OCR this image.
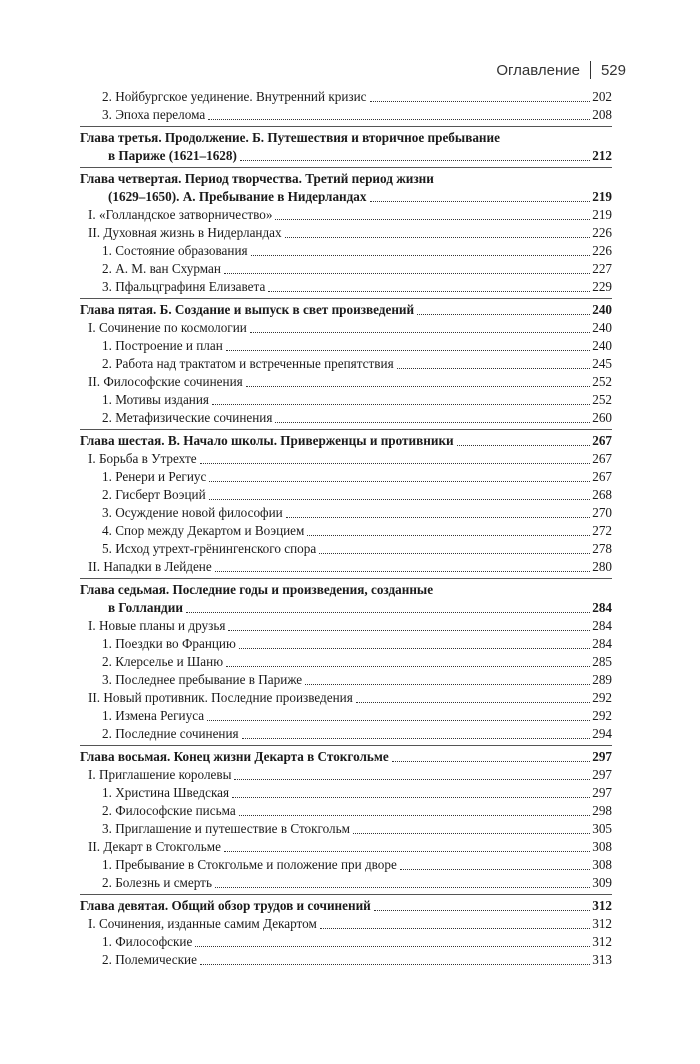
Оглавление 529
2. Нойбургское уединение. Внутренний кризис	202
3. Эпоха перелома	208
Глава третья. Продолжение. Б. Путешествия и вторичное пребывание
в Париже (1621–1628)	212
Глава четвертая. Период творчества. Третий период жизни
(1629–1650). А. Пребывание в Нидерландах	219
I. «Голландское затворничество»	219
II. Духовная жизнь в Нидерландах	226
1. Состояние образования	226
2. А. М. ван Схурман	227
3. Пфальцграфиня Елизавета	229
Глава пятая. Б. Создание и выпуск в свет произведений	240
I. Сочинение по космологии	240
1. Построение и план	240
2. Работа над трактатом и встреченные препятствия	245
II. Философские сочинения	252
1. Мотивы издания	252
2. Метафизические сочинения	260
Глава шестая. В. Начало школы. Приверженцы и противники	267
I. Борьба в Утрехте	267
1. Ренери и Региус	267
2. Гисберт Воэций	268
3. Осуждение новой философии	270
4. Спор между Декартом и Воэцием	272
5. Исход утрехт-грёнингенского спора	278
II. Нападки в Лейдене	280
Глава седьмая. Последние годы и произведения, созданные
в Голландии	284
I. Новые планы и друзья	284
1. Поездки во Францию	284
2. Клерселье и Шаню	285
3. Последнее пребывание в Париже	289
II. Новый противник. Последние произведения	292
1. Измена Региуса	292
2. Последние сочинения	294
Глава восьмая. Конец жизни Декарта в Стокгольме	297
I. Приглашение королевы	297
1. Христина Шведская	297
2. Философские письма	298
3. Приглашение и путешествие в Стокгольм	305
II. Декарт в Стокгольме	308
1. Пребывание в Стокгольме и положение при дворе	308
2. Болезнь и смерть	309
Глава девятая. Общий обзор трудов и сочинений	312
I. Сочинения, изданные самим Декартом	312
1. Философские	312
2. Полемические	313
